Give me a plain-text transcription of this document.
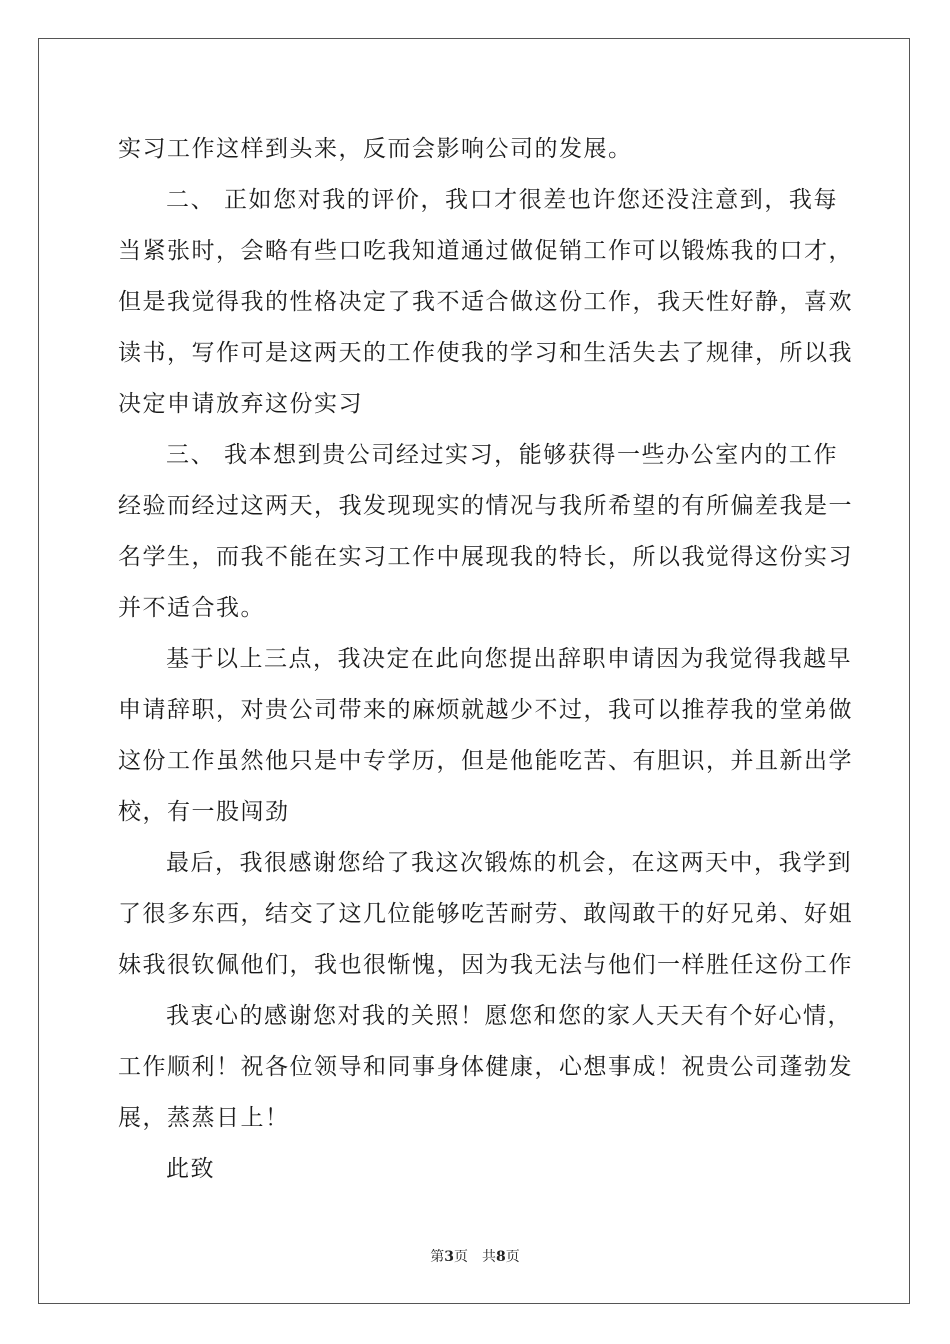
实习工作这样到头来，反而会影响公司的发展。
二、 正如您对我的评价，我口才很差也许您还没注意到，我每
当紧张时，会略有些口吃我知道通过做促销工作可以锻炼我的口才，
但是我觉得我的性格决定了我不适合做这份工作，我天性好静，喜欢
读书，写作可是这两天的工作使我的学习和生活失去了规律，所以我
决定申请放弃这份实习
三、 我本想到贵公司经过实习，能够获得一些办公室内的工作
经验而经过这两天，我发现现实的情况与我所希望的有所偏差我是一
名学生，而我不能在实习工作中展现我的特长，所以我觉得这份实习
并不适合我。
基于以上三点，我决定在此向您提出辞职申请因为我觉得我越早
申请辞职，对贵公司带来的麻烦就越少不过，我可以推荐我的堂弟做
这份工作虽然他只是中专学历，但是他能吃苦、有胆识，并且新出学
校，有一股闯劲
最后，我很感谢您给了我这次锻炼的机会，在这两天中，我学到
了很多东西，结交了这几位能够吃苦耐劳、敢闯敢干的好兄弟、好姐
妹我很钦佩他们，我也很惭愧，因为我无法与他们一样胜任这份工作
我衷心的感谢您对我的关照！愿您和您的家人天天有个好心情，
工作顺利！祝各位领导和同事身体健康，心想事成！祝贵公司蓬勃发
展，蒸蒸日上！
此致
第3页　共8页
